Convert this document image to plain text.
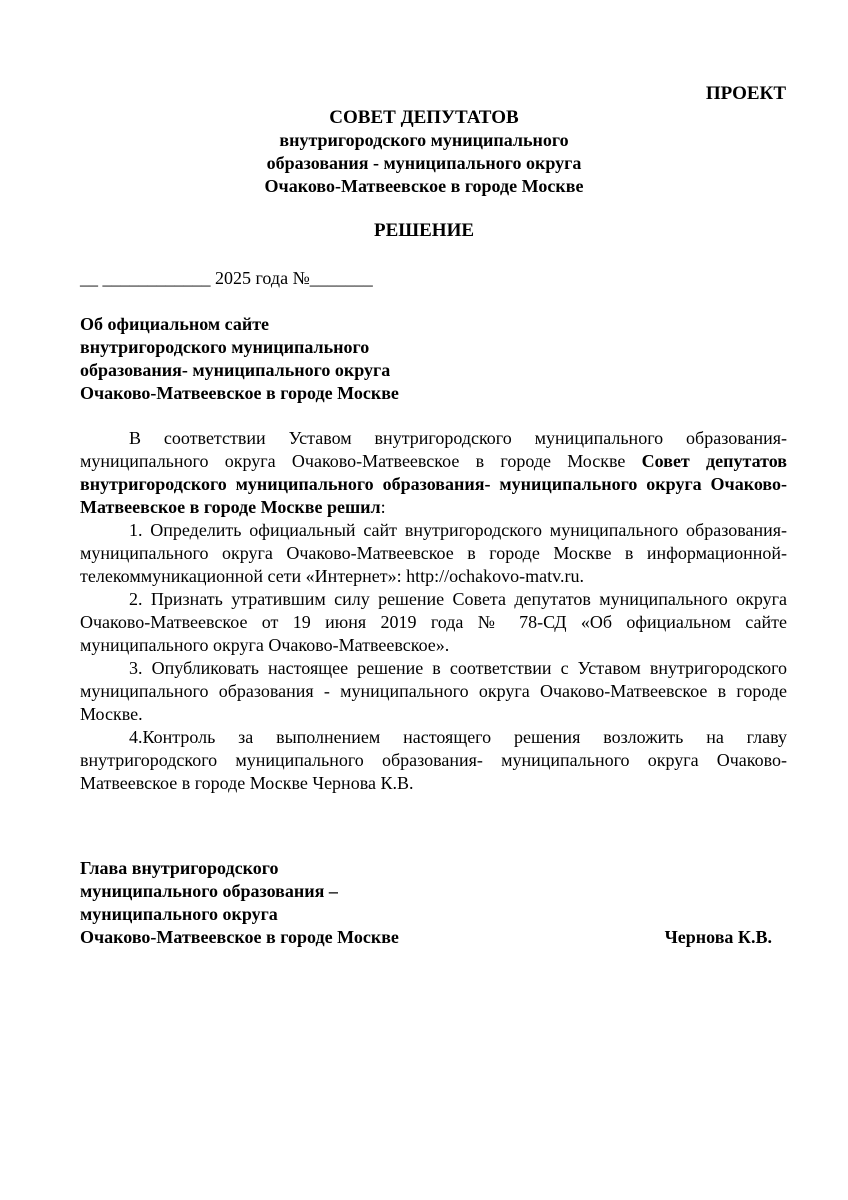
ПРОЕКТ
СОВЕТ ДЕПУТАТОВ
внутригородского муниципального
образования - муниципального округа
Очаково-Матвеевское в городе Москве
РЕШЕНИЕ
__ ____________ 2025 года №_______
Об официальном сайте
внутригородского муниципального
образования- муниципального округа
Очаково-Матвеевское в городе Москве

В соответствии Уставом внутригородского муниципального образования-муниципального округа Очаково-Матвеевское в городе Москве Совет депутатов внутригородского муниципального образования- муниципального округа Очаково-Матвеевское в городе Москве решил:

1. Определить официальный сайт внутригородского муниципального образования- муниципального округа Очаково-Матвеевское в городе Москве в информационной-телекоммуникационной сети «Интернет»: http://ochakovo-matv.ru.

2. Признать утратившим силу решение Совета депутатов муниципального округа Очаково-Матвеевское от 19 июня 2019 года № 78-СД «Об официальном сайте муниципального округа Очаково-Матвеевское».

3. Опубликовать настоящее решение в соответствии с Уставом внутригородского муниципального образования - муниципального округа Очаково-Матвеевское в городе Москве.

4.Контроль за выполнением настоящего решения возложить на главу внутригородского муниципального образования- муниципального округа Очаково-Матвеевское в городе Москве Чернова К.В.

Глава внутригородского
муниципального образования –
муниципального округа
Очаково-Матвеевское в городе Москве	Чернова К.В.
